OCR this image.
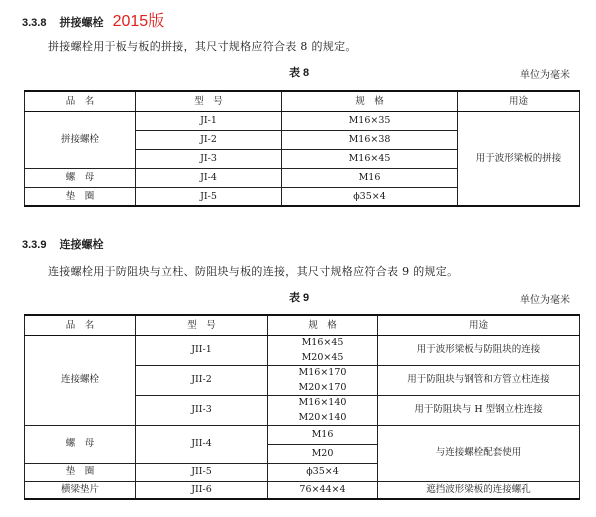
3.3.8 拼接螺栓 2015版
拼接螺栓用于板与板的拼接，其尺寸规格应符合表 8 的规定。
表 8	单位为毫米
品　名	型　号	规　格	用途
拼接螺栓	JI-1	M16×35	用于波形梁板的拼接
	JI-2	M16×38	
	JI-3	M16×45	
螺　母	JI-4	M16	
垫　圈	JI-5	ϕ35×4	
3.3.9 连接螺栓
连接螺栓用于防阻块与立柱、防阻块与板的连接，其尺寸规格应符合表 9 的规定。
表 9	单位为毫米
品　名	型　号	规　格	用途
连接螺栓	JII-1	M16×45	用于波形梁板与防阻块的连接
		M20×45	
	JII-2	M16×170	用于防阻块与钢管和方管立柱连接
		M20×170	
	JII-3	M16×140	用于防阻块与 H 型钢立柱连接
		M20×140	
螺　母	JII-4	M16	与连接螺栓配套使用
		M20	
垫　圈	JII-5	ϕ35×4	
横梁垫片	JII-6	76×44×4	遮挡波形梁板的连接螺孔
